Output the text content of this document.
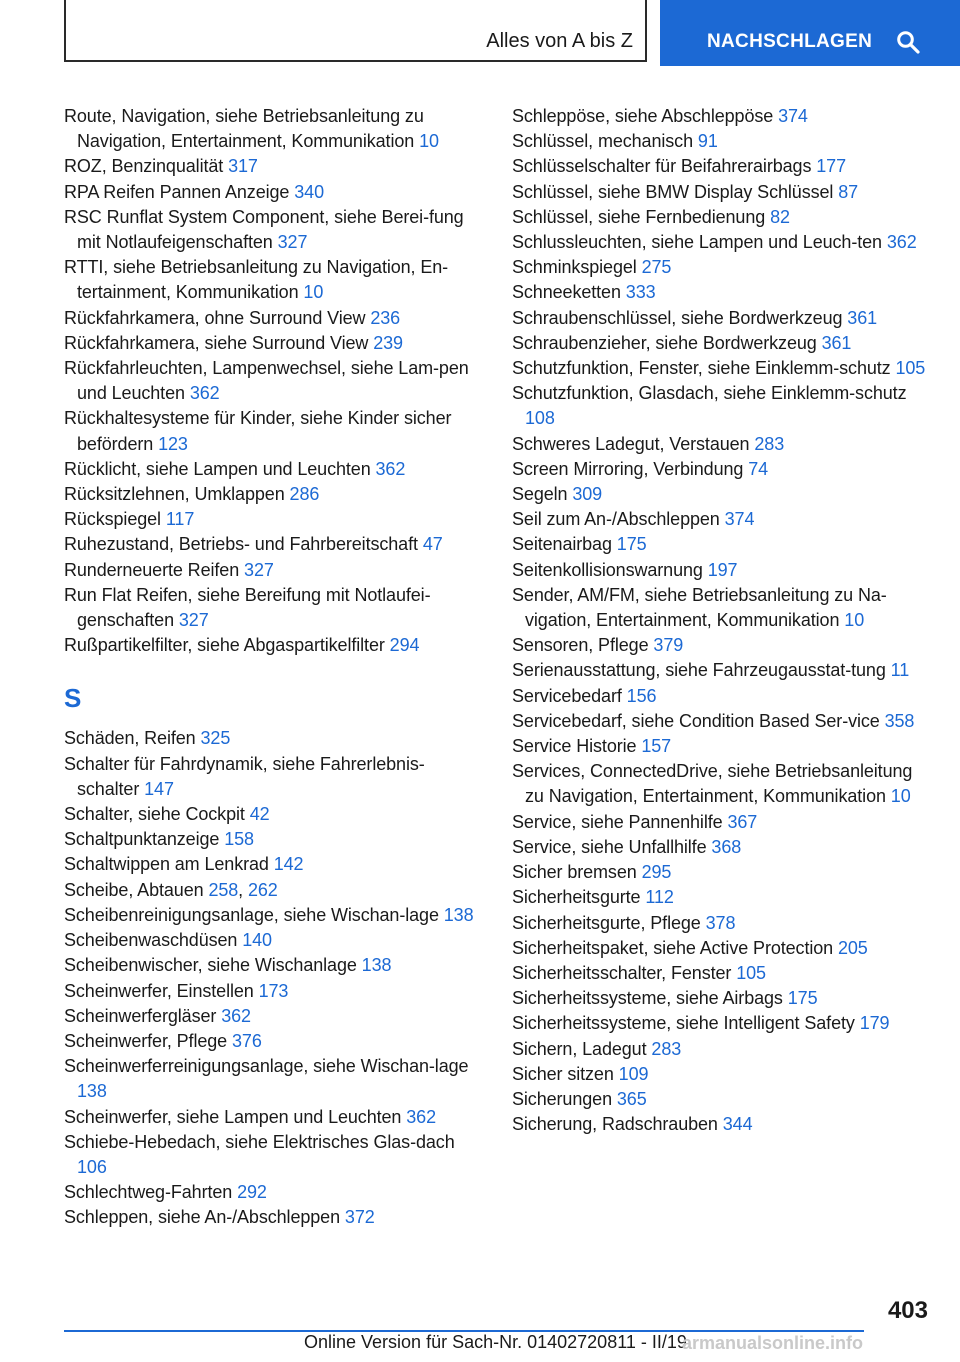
Alles von A bis Z	NACHSCHLAGEN
Route, Navigation, siehe Betriebsanleitung zu Navigation, Entertainment, Kommunikation 10
ROZ, Benzinqualität 317
RPA Reifen Pannen Anzeige 340
RSC Runflat System Component, siehe Berei‐fung mit Notlaufeigenschaften 327
RTTI, siehe Betriebsanleitung zu Navigation, En‐tertainment, Kommunikation 10
Rückfahrkamera, ohne Surround View 236
Rückfahrkamera, siehe Surround View 239
Rückfahrleuchten, Lampenwechsel, siehe Lam‐pen und Leuchten 362
Rückhaltesysteme für Kinder, siehe Kinder sicher befördern 123
Rücklicht, siehe Lampen und Leuchten 362
Rücksitzlehnen, Umklappen 286
Rückspiegel 117
Ruhezustand, Betriebs- und Fahrbereitschaft 47
Runderneuerte Reifen 327
Run Flat Reifen, siehe Bereifung mit Notlaufei‐genschaften 327
Rußpartikelfilter, siehe Abgaspartikelfilter 294
S
Schäden, Reifen 325
Schalter für Fahrdynamik, siehe Fahrerlebnis‐schalter 147
Schalter, siehe Cockpit 42
Schaltpunktanzeige 158
Schaltwippen am Lenkrad 142
Scheibe, Abtauen 258, 262
Scheibenreinigungsanlage, siehe Wischan‐lage 138
Scheibenwaschdüsen 140
Scheibenwischer, siehe Wischanlage 138
Scheinwerfer, Einstellen 173
Scheinwerfergläser 362
Scheinwerfer, Pflege 376
Scheinwerferreinigungsanlage, siehe Wischan‐lage 138
Scheinwerfer, siehe Lampen und Leuchten 362
Schiebe-Hebedach, siehe Elektrisches Glas‐dach 106
Schlechtweg-Fahrten 292
Schleppen, siehe An-/Abschleppen 372
Schleppöse, siehe Abschleppöse 374
Schlüssel, mechanisch 91
Schlüsselschalter für Beifahrerairbags 177
Schlüssel, siehe BMW Display Schlüssel 87
Schlüssel, siehe Fernbedienung 82
Schlussleuchten, siehe Lampen und Leuch‐ten 362
Schminkspiegel 275
Schneeketten 333
Schraubenschlüssel, siehe Bordwerkzeug 361
Schraubenzieher, siehe Bordwerkzeug 361
Schutzfunktion, Fenster, siehe Einklemm‐schutz 105
Schutzfunktion, Glasdach, siehe Einklemm‐schutz 108
Schweres Ladegut, Verstauen 283
Screen Mirroring, Verbindung 74
Segeln 309
Seil zum An-/Abschleppen 374
Seitenairbag 175
Seitenkollisionswarnung 197
Sender, AM/FM, siehe Betriebsanleitung zu Na‐vigation, Entertainment, Kommunikation 10
Sensoren, Pflege 379
Serienausstattung, siehe Fahrzeugausstat‐tung 11
Servicebedarf 156
Servicebedarf, siehe Condition Based Ser‐vice 358
Service Historie 157
Services, ConnectedDrive, siehe Betriebsanleitung zu Navigation, Entertainment, Kommunikation 10
Service, siehe Pannenhilfe 367
Service, siehe Unfallhilfe 368
Sicher bremsen 295
Sicherheitsgurte 112
Sicherheitsgurte, Pflege 378
Sicherheitspaket, siehe Active Protection 205
Sicherheitsschalter, Fenster 105
Sicherheitssysteme, siehe Airbags 175
Sicherheitssysteme, siehe Intelligent Safety 179
Sichern, Ladegut 283
Sicher sitzen 109
Sicherungen 365
Sicherung, Radschrauben 344
403
Online Version für Sach-Nr. 01402720811 - II/19
armanualsonline.info
